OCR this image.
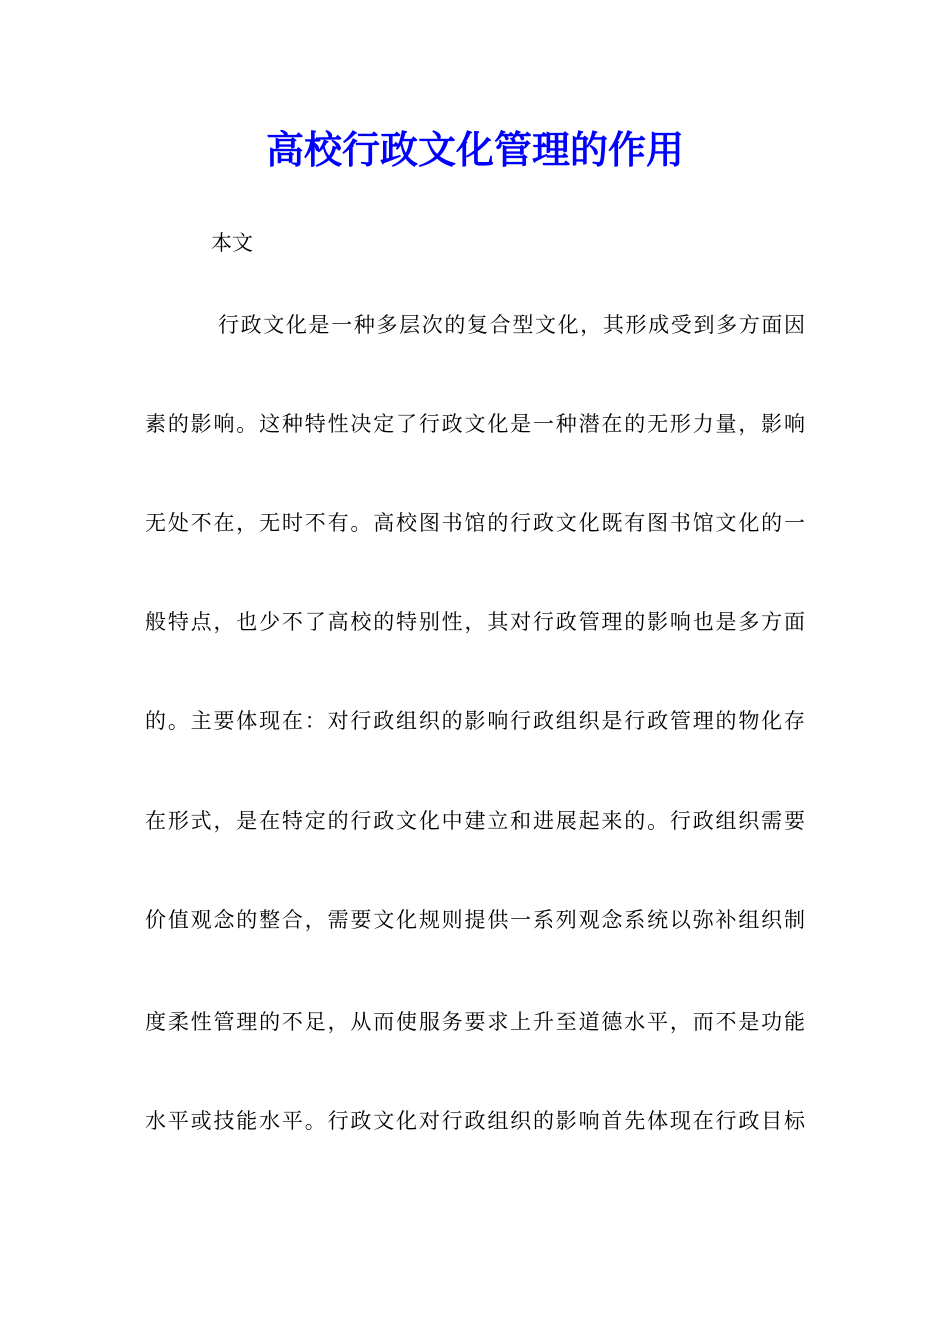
高校行政文化管理的作用
本文
行政文化是一种多层次的复合型文化，其形成受到多方面因
素的影响。这种特性决定了行政文化是一种潜在的无形力量，影响
无处不在，无时不有。高校图书馆的行政文化既有图书馆文化的一
般特点，也少不了高校的特别性，其对行政管理的影响也是多方面
的。主要体现在：对行政组织的影响行政组织是行政管理的物化存
在形式，是在特定的行政文化中建立和进展起来的。行政组织需要
价值观念的整合，需要文化规则提供一系列观念系统以弥补组织制
度柔性管理的不足，从而使服务要求上升至道德水平，而不是功能
水平或技能水平。行政文化对行政组织的影响首先体现在行政目标
